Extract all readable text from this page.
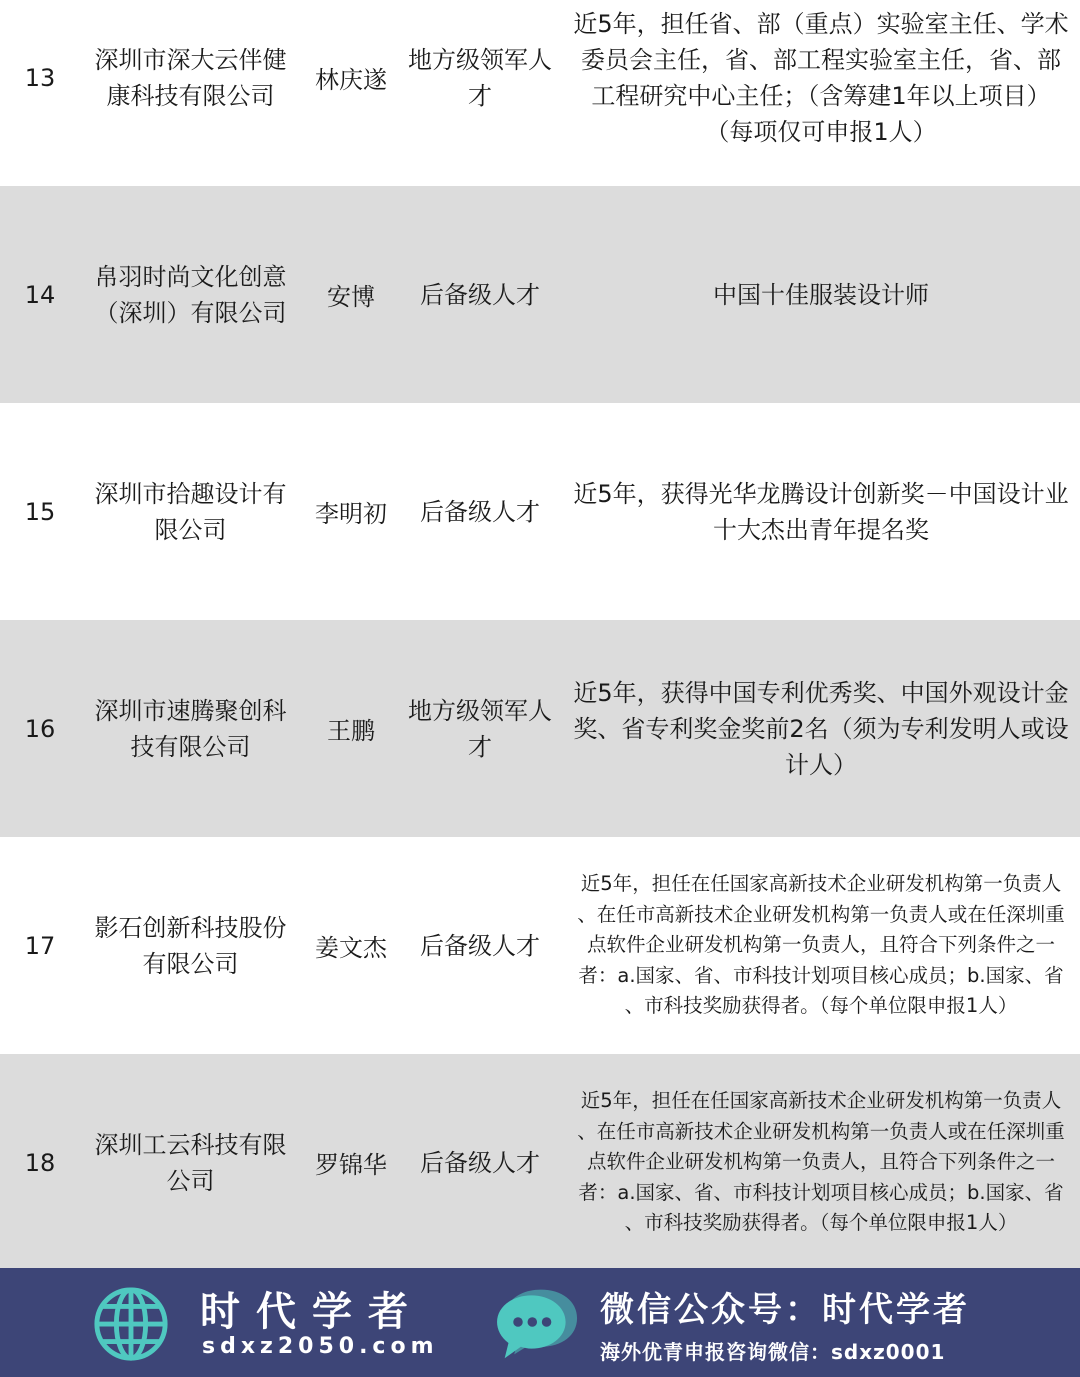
13
深圳市深大云伴健
康科技有限公司
林庆遂
地方级领军人
才
近5年，担任省、部（重点）实验室主任、学术
委员会主任，省、部工程实验室主任，省、部
工程研究中心主任；（含筹建1年以上项目）
（每项仅可申报1人）
14
帛羽时尚文化创意
（深圳）有限公司
安博 后备级人才	中国十佳服装设计师
15
深圳市拾趣设计有
限公司
李明初 后备级人才
近5年，获得光华龙腾设计创新奖－中国设计业
十大杰出青年提名奖
16
深圳市速腾聚创科
技有限公司
王鹏
地方级领军人
才
近5年，获得中国专利优秀奖、中国外观设计金
奖、省专利奖金奖前2名（须为专利发明人或设
计人）
17
影石创新科技股份
有限公司
姜文杰 后备级人才
近5年，担任在任国家高新技术企业研发机构第一负责人
、在任市高新技术企业研发机构第一负责人或在任深圳重
点软件企业研发机构第一负责人，且符合下列条件之一
者：a.国家、省、市科技计划项目核心成员；b.国家、省
、市科技奖励获得者。（每个单位限申报1人）
18
深圳工云科技有限
公司
罗锦华 后备级人才
近5年，担任在任国家高新技术企业研发机构第一负责人
、在任市高新技术企业研发机构第一负责人或在任深圳重
点软件企业研发机构第一负责人，且符合下列条件之一
者：a.国家、省、市科技计划项目核心成员；b.国家、省
、市科技奖励获得者。（每个单位限申报1人）
时代学者
sdxz2050.com
微信公众号：时代学者
海外优青申报咨询微信：sdxz0001
